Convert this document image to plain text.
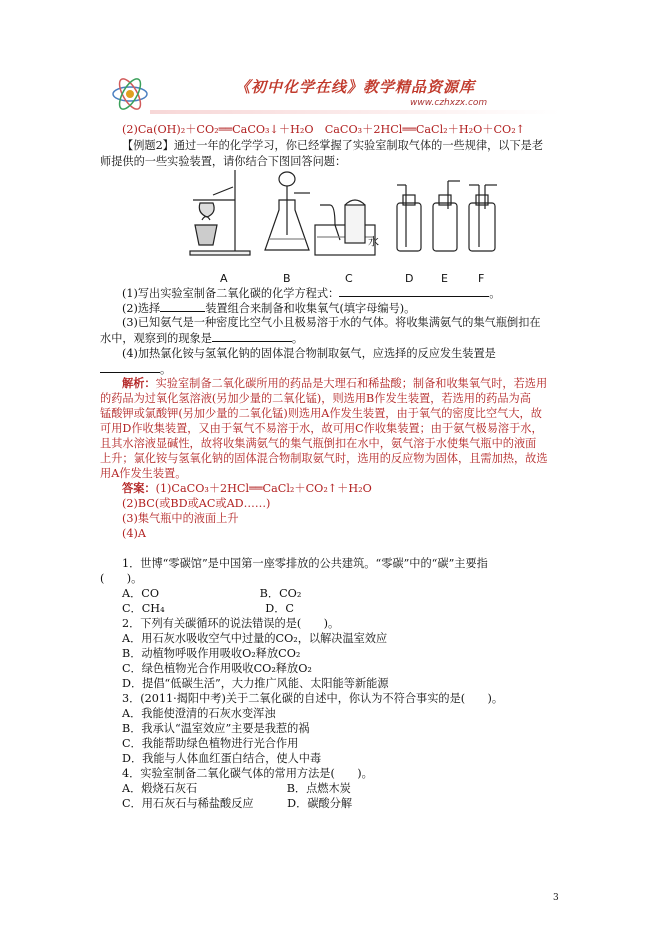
《初中化学在线》教学精品资源库
www.czhxzx.com
(2)Ca(OH)₂＋CO₂══CaCO₃↓＋H₂O　CaCO₃＋2HCl══CaCl₂＋H₂O＋CO₂↑
【例题2】通过一年的化学学习，你已经掌握了实验室制取气体的一些规律，以下是老
师提供的一些实验装置，请你结合下图回答问题：
水
A	B	C	D	E	F
(1)写出实验室制备二氧化碳的化学方程式：	。
(2)选择	装置组合来制备和收集氧气(填字母编号)。
(3)已知氨气是一种密度比空气小且极易溶于水的气体。将收集满氨气的集气瓶倒扣在
水中，观察到的现象是	。
(4)加热氯化铵与氢氧化钠的固体混合物制取氨气，应选择的反应发生装置是
。
解析：实验室制备二氧化碳所用的药品是大理石和稀盐酸；制备和收集氧气时，若选用
的药品为过氧化氢溶液(另加少量的二氧化锰)，则选用B作发生装置，若选用的药品为高
锰酸钾或氯酸钾(另加少量的二氧化锰)则选用A作发生装置，由于氧气的密度比空气大，故
可用D作收集装置，又由于氧气不易溶于水，故可用C作收集装置；由于氨气极易溶于水，
且其水溶液显碱性，故将收集满氨气的集气瓶倒扣在水中，氨气溶于水使集气瓶中的液面
上升；氯化铵与氢氧化钠的固体混合物制取氨气时，选用的反应物为固体，且需加热，故选
用A作发生装置。
答案：(1)CaCO₃＋2HCl══CaCl₂＋CO₂↑＋H₂O
(2)BC(或BD或AC或AD……)
(3)集气瓶中的液面上升
(4)A
1．世博“零碳馆”是中国第一座零排放的公共建筑。“零碳”中的“碳”主要指
(　　)。
A．CO　　　　　　　　　B．CO₂
C．CH₄　　　　　　　　　D．C
2．下列有关碳循环的说法错误的是(　　)。
A．用石灰水吸收空气中过量的CO₂，以解决温室效应
B．动植物呼吸作用吸收O₂释放CO₂
C．绿色植物光合作用吸收CO₂释放O₂
D．提倡“低碳生活”，大力推广风能、太阳能等新能源
3．(2011·揭阳中考)关于二氧化碳的自述中，你认为不符合事实的是(　　)。
A．我能使澄清的石灰水变浑浊
B．我承认“温室效应”主要是我惹的祸
C．我能帮助绿色植物进行光合作用
D．我能与人体血红蛋白结合，使人中毒
4．实验室制备二氧化碳气体的常用方法是(　　)。
A．煅烧石灰石　　　　　　　　B．点燃木炭
C．用石灰石与稀盐酸反应　　　D．碳酸分解
3
